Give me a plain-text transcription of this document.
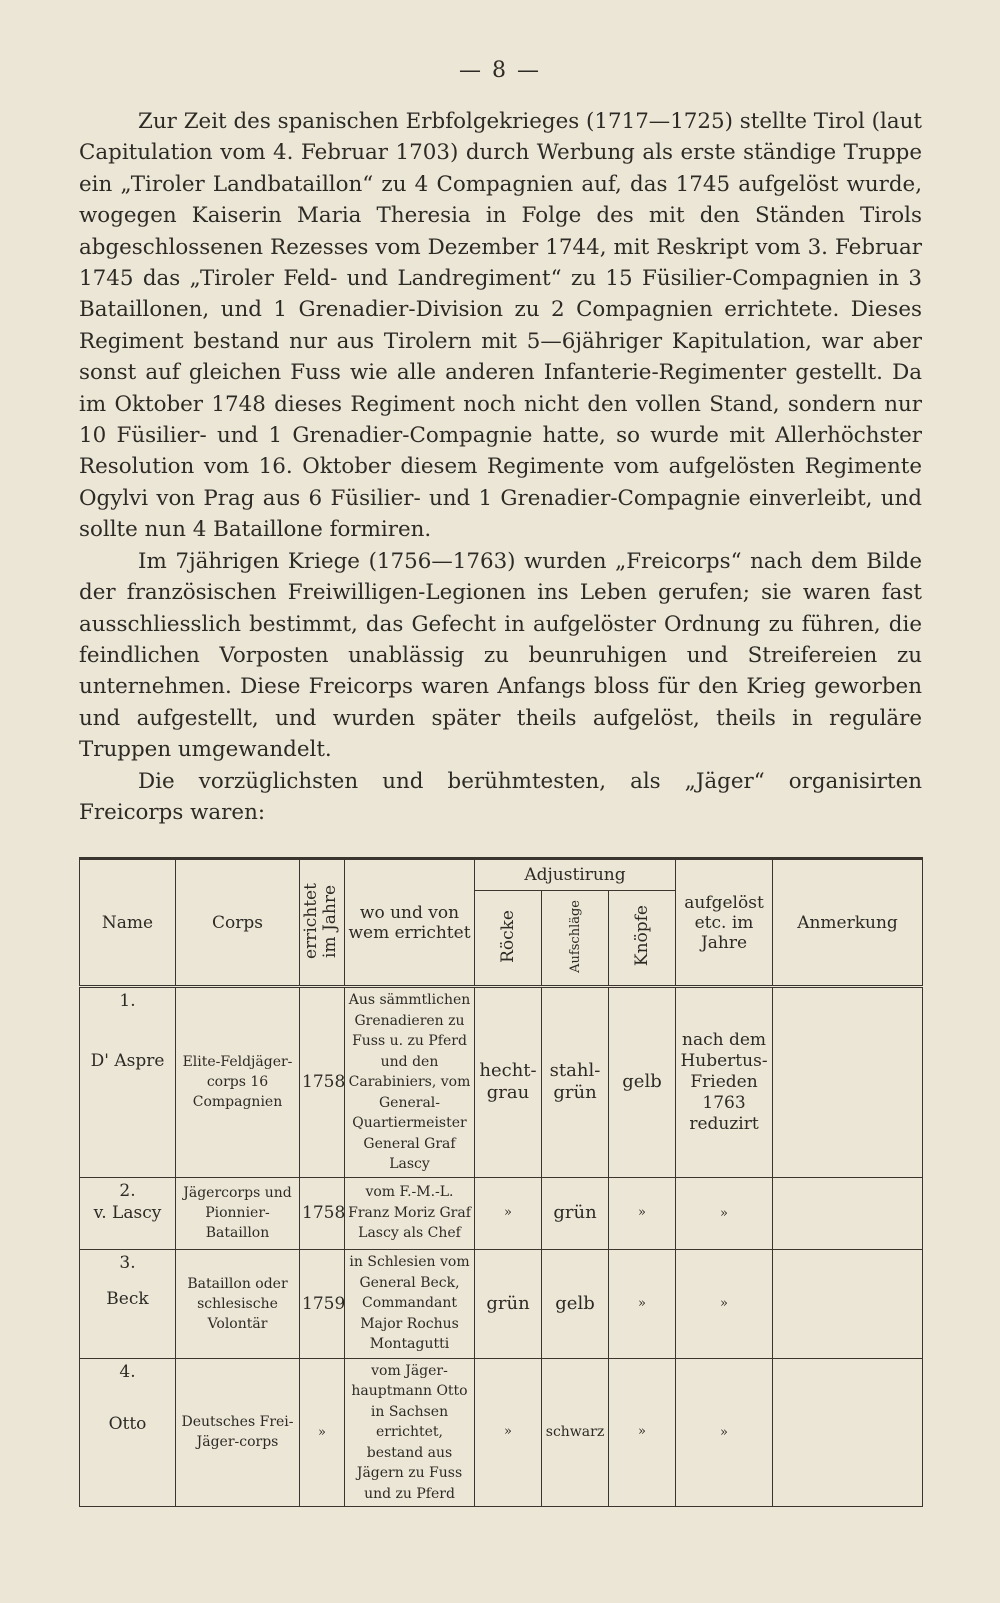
— 8 —

Zur Zeit des spanischen Erbfolgekrieges (1717—1725) stellte Tirol (laut Capitulation vom 4. Februar 1703) durch Werbung als erste ständige Truppe ein „Tiroler Landbataillon“ zu 4 Compagnien auf, das 1745 aufgelöst wurde, wogegen Kaiserin Maria Theresia in Folge des mit den Ständen Tirols abgeschlossenen Rezesses vom Dezember 1744, mit Reskript vom 3. Februar 1745 das „Tiroler Feld- und Landregiment“ zu 15 Füsilier-Compagnien in 3 Bataillonen, und 1 Grenadier-Division zu 2 Compagnien errichtete. Dieses Regiment bestand nur aus Tirolern mit 5—6jähriger Kapitulation, war aber sonst auf gleichen Fuss wie alle anderen Infanterie-Regimenter gestellt. Da im Oktober 1748 dieses Regiment noch nicht den vollen Stand, sondern nur 10 Füsilier- und 1 Grenadier-Compagnie hatte, so wurde mit Allerhöchster Resolution vom 16. Oktober diesem Regimente vom aufgelösten Regimente Ogylvi von Prag aus 6 Füsilier- und 1 Grenadier-Compagnie einverleibt, und sollte nun 4 Bataillone formiren.

Im 7jährigen Kriege (1756—1763) wurden „Freicorps“ nach dem Bilde der französischen Freiwilligen-Legionen ins Leben gerufen; sie waren fast ausschliesslich bestimmt, das Gefecht in aufgelöster Ordnung zu führen, die feindlichen Vorposten unablässig zu beunruhigen und Streifereien zu unternehmen. Diese Freicorps waren Anfangs bloss für den Krieg geworben und aufgestellt, und wurden später theils aufgelöst, theils in reguläre Truppen umgewandelt.

Die vorzüglichsten und berühmtesten, als „Jäger“ organisirten Freicorps waren:

Name	Corps	errichtet im Jahre	wo und von wem errichtet	Adjustirung			aufgelöst etc. im Jahre	Anmerkung
				Röcke	Aufschläge	Knöpfe		

1.
D' Aspre	Elite-Feldjäger-corps 16 Compagnien	1758	Aus sämmtlichen Grenadieren zu Fuss u. zu Pferd und den Carabiniers, vom General-Quartiermeister General Graf Lascy	hecht-grau	stahl-grün	gelb	nach dem Hubertus-Frieden 1763 reduzirt	

2.
v. Lascy	Jägercorps und Pionnier-Bataillon	1758	vom F.-M.-L. Franz Moriz Graf Lascy als Chef	»	grün	»	»	

3.
Beck	Bataillon oder schlesische Volontär	1759	in Schlesien vom General Beck, Commandant Major Rochus Montagutti	grün	gelb	»	»	

4.
Otto	Deutsches Frei-Jäger-corps	»	vom Jäger-hauptmann Otto in Sachsen errichtet, bestand aus Jägern zu Fuss und zu Pferd	»	schwarz	»	»	
